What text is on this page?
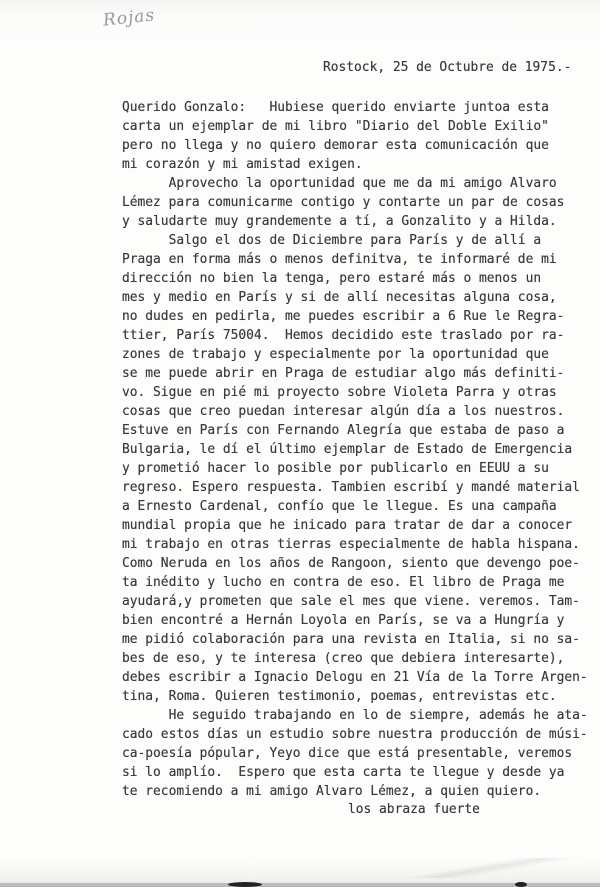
Rojas
Rostock, 25 de Octubre de 1975.-
Querido Gonzalo:   Hubiese querido enviarte juntoa esta
carta un ejemplar de mi libro "Diario del Doble Exilio"
pero no llega y no quiero demorar esta comunicación que
mi corazón y mi amistad exigen.
Aprovecho la oportunidad que me da mi amigo Alvaro
Lémez para comunicarme contigo y contarte un par de cosas
y saludarte muy grandemente a tí, a Gonzalito y a Hilda.
Salgo el dos de Diciembre para París y de allí a
Praga en forma más o menos definitva, te informaré de mi
dirección no bien la tenga, pero estaré más o menos un
mes y medio en París y si de allí necesitas alguna cosa,
no dudes en pedirla, me puedes escribir a 6 Rue le Regra-
ttier, París 75004.  Hemos decidido este traslado por ra-
zones de trabajo y especialmente por la oportunidad que
se me puede abrir en Praga de estudiar algo más definiti-
vo. Sigue en pié mi proyecto sobre Violeta Parra y otras
cosas que creo puedan interesar algún día a los nuestros.
Estuve en París con Fernando Alegría que estaba de paso a
Bulgaria, le dí el último ejemplar de Estado de Emergencia
y prometió hacer lo posible por publicarlo en EEUU a su
regreso. Espero respuesta. Tambien escribí y mandé material
a Ernesto Cardenal, confío que le llegue. Es una campaña
mundial propia que he inicado para tratar de dar a conocer
mi trabajo en otras tierras especialmente de habla hispana.
Como Neruda en los años de Rangoon, siento que devengo poe-
ta inédito y lucho en contra de eso. El libro de Praga me
ayudará,y prometen que sale el mes que viene. veremos. Tam-
bien encontré a Hernán Loyola en París, se va a Hungría y
me pidió colaboración para una revista en Italia, si no sa-
bes de eso, y te interesa (creo que debiera interesarte),
debes escribir a Ignacio Delogu en 21 Vía de la Torre Argen-
tina, Roma. Quieren testimonio, poemas, entrevistas etc.
He seguido trabajando en lo de siempre, además he ata-
cado estos días un estudio sobre nuestra producción de músi-
ca-poesía pópular, Yeyo dice que está presentable, veremos
si lo amplío.  Espero que esta carta te llegue y desde ya
te recomiendo a mi amigo Alvaro Lémez, a quien quiero.
los abraza fuerte
